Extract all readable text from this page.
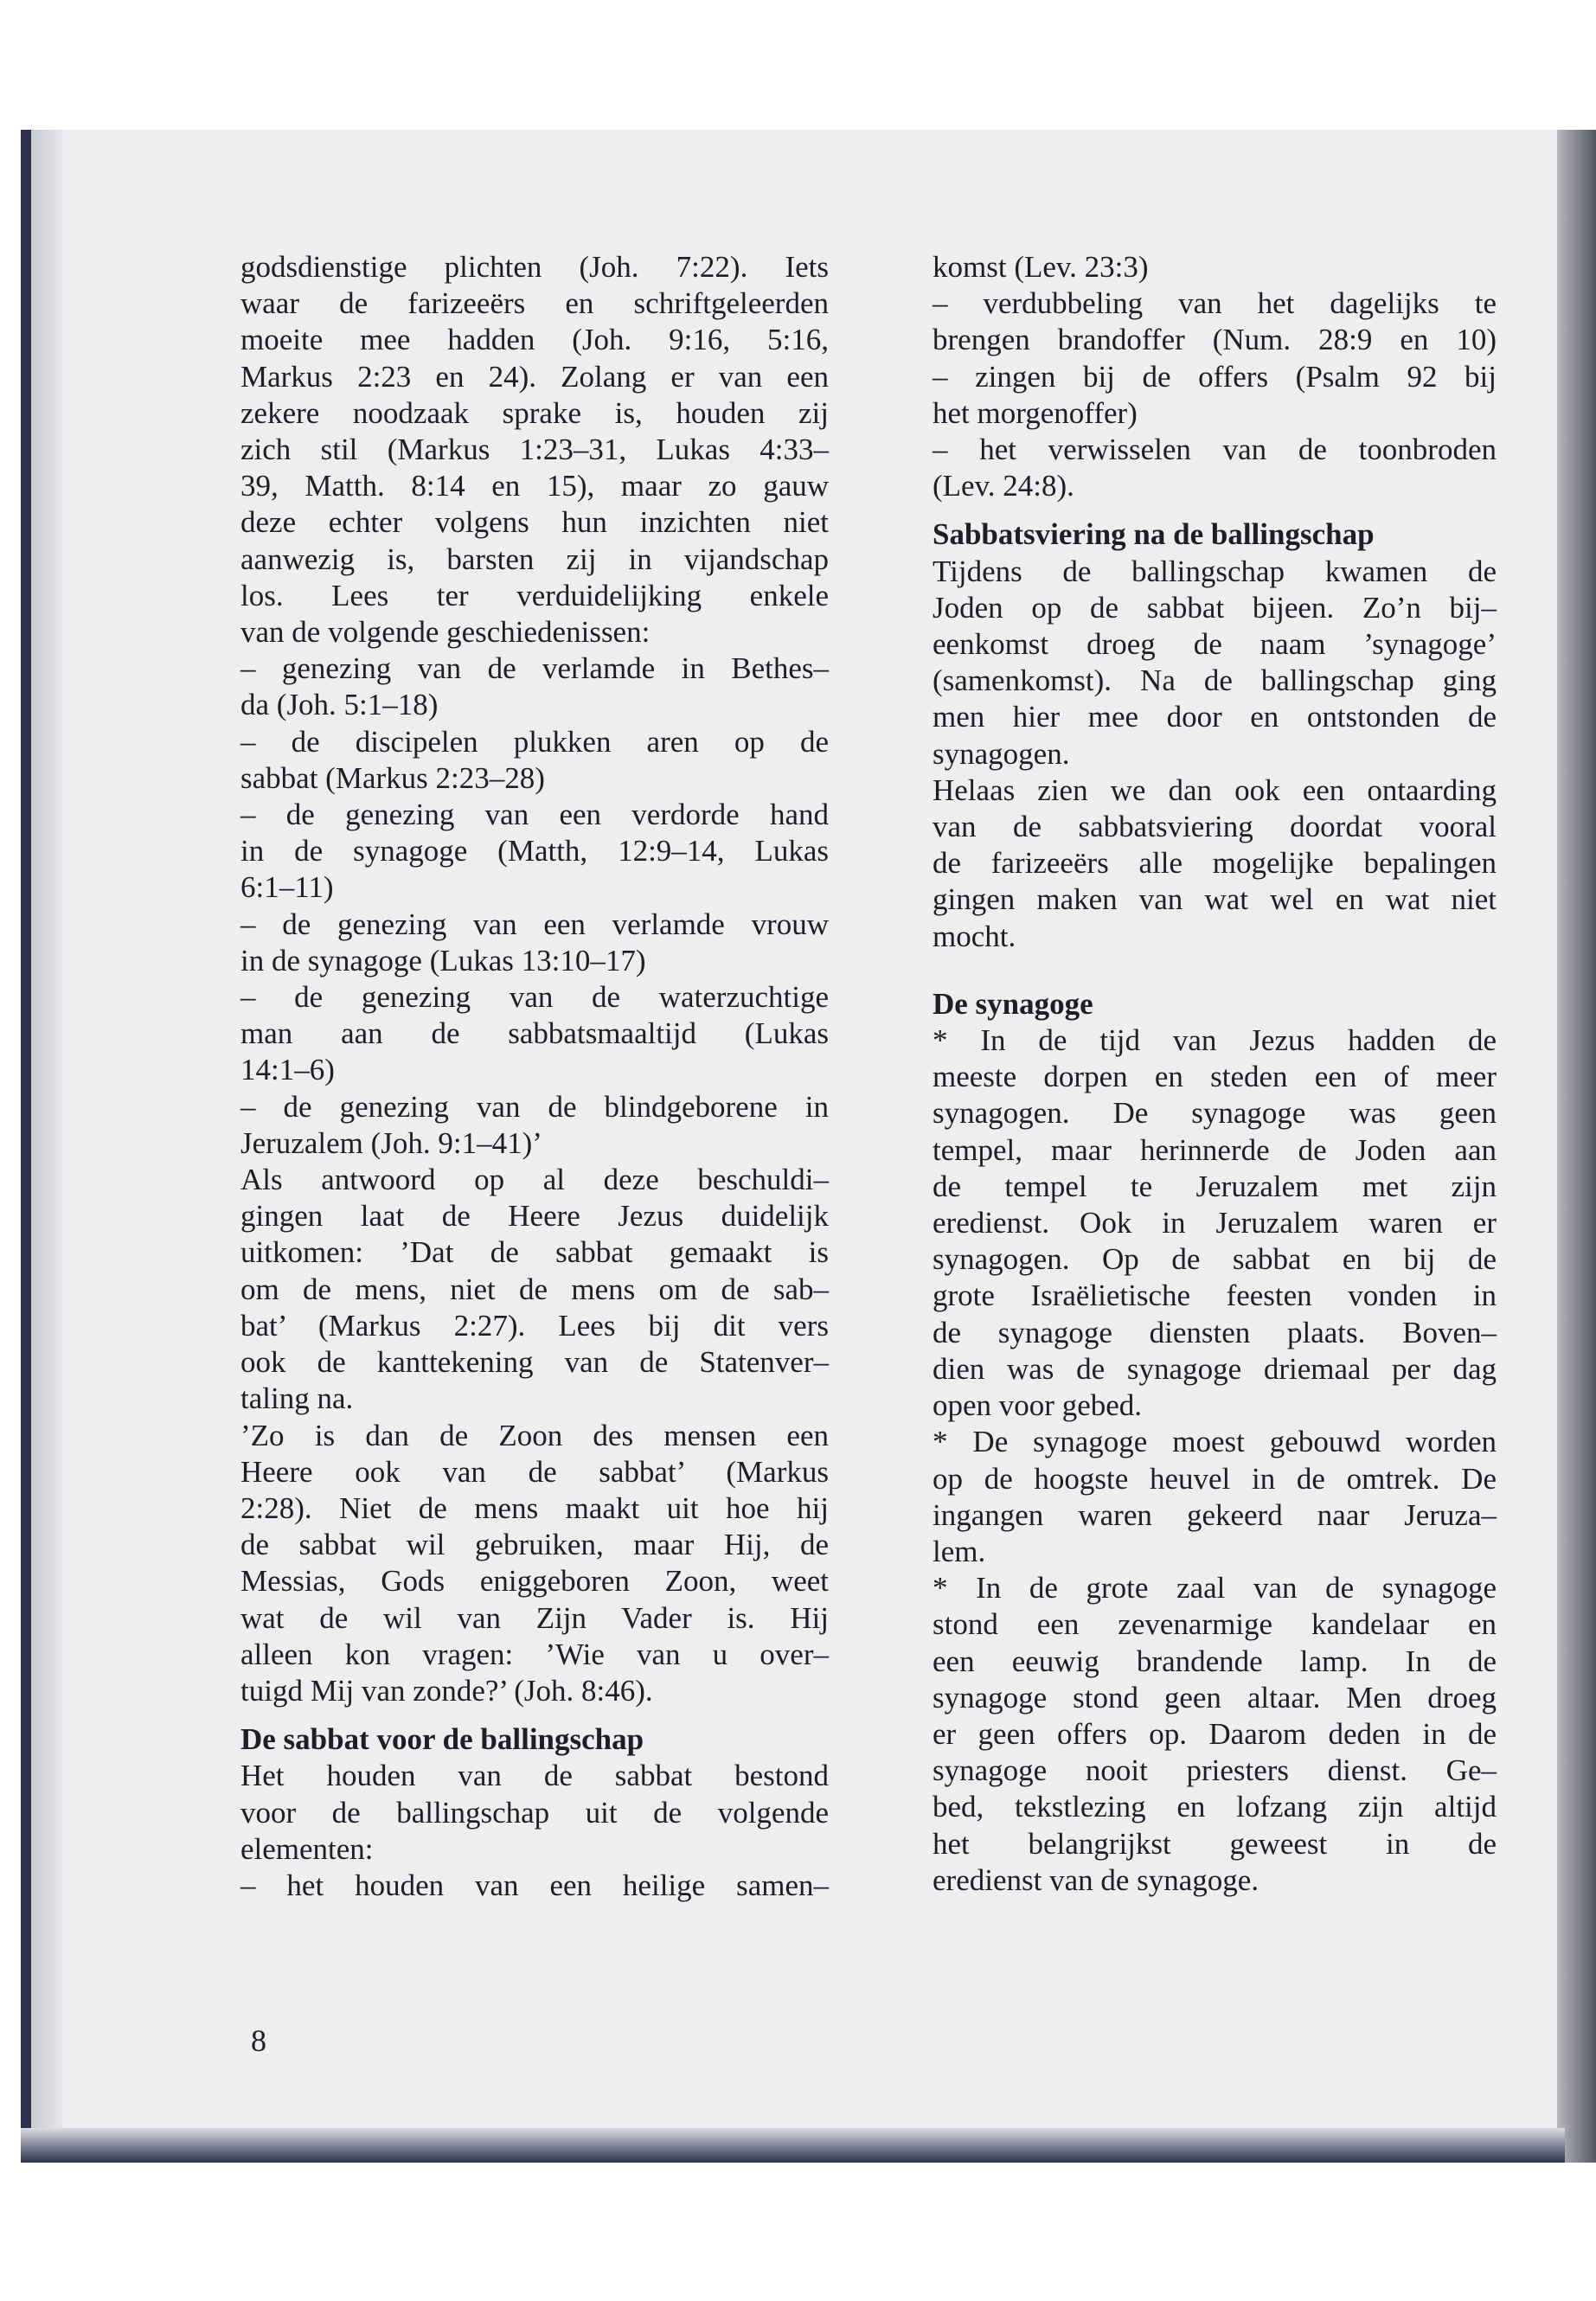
godsdienstige plichten (Joh. 7:22). Iets
waar de farizeeërs en schriftgeleerden
moeite mee hadden (Joh. 9:16, 5:16,
Markus 2:23 en 24). Zolang er van een
zekere noodzaak sprake is, houden zij
zich stil (Markus 1:23–31, Lukas 4:33–
39, Matth. 8:14 en 15), maar zo gauw
deze echter volgens hun inzichten niet
aanwezig is, barsten zij in vijandschap
los. Lees ter verduidelijking enkele
van de volgende geschiedenissen:
– genezing van de verlamde in Bethes–
da (Joh. 5:1–18)
– de discipelen plukken aren op de
sabbat (Markus 2:23–28)
– de genezing van een verdorde hand
in de synagoge (Matth, 12:9–14, Lukas
6:1–11)
– de genezing van een verlamde vrouw
in de synagoge (Lukas 13:10–17)
– de genezing van de waterzuchtige
man aan de sabbatsmaaltijd (Lukas
14:1–6)
– de genezing van de blindgeborene in
Jeruzalem (Joh. 9:1–41)’
Als antwoord op al deze beschuldi–
gingen laat de Heere Jezus duidelijk
uitkomen: ’Dat de sabbat gemaakt is
om de mens, niet de mens om de sab–
bat’ (Markus 2:27). Lees bij dit vers
ook de kanttekening van de Statenver–
taling na.
’Zo is dan de Zoon des mensen een
Heere ook van de sabbat’ (Markus
2:28). Niet de mens maakt uit hoe hij
de sabbat wil gebruiken, maar Hij, de
Messias, Gods eniggeboren Zoon, weet
wat de wil van Zijn Vader is. Hij
alleen kon vragen: ’Wie van u over–
tuigd Mij van zonde?’ (Joh. 8:46).
De sabbat voor de ballingschap
Het houden van de sabbat bestond
voor de ballingschap uit de volgende
elementen:
– het houden van een heilige samen–
komst (Lev. 23:3)
– verdubbeling van het dagelijks te
brengen brandoffer (Num. 28:9 en 10)
– zingen bij de offers (Psalm 92 bij
het morgenoffer)
– het verwisselen van de toonbroden
(Lev. 24:8).
Sabbatsviering na de ballingschap
Tijdens de ballingschap kwamen de
Joden op de sabbat bijeen. Zo’n bij–
eenkomst droeg de naam ’synagoge’
(samenkomst). Na de ballingschap ging
men hier mee door en ontstonden de
synagogen.
Helaas zien we dan ook een ontaarding
van de sabbatsviering doordat vooral
de farizeeërs alle mogelijke bepalingen
gingen maken van wat wel en wat niet
mocht.
De synagoge
* In de tijd van Jezus hadden de
meeste dorpen en steden een of meer
synagogen. De synagoge was geen
tempel, maar herinnerde de Joden aan
de tempel te Jeruzalem met zijn
eredienst. Ook in Jeruzalem waren er
synagogen. Op de sabbat en bij de
grote Israëlietische feesten vonden in
de synagoge diensten plaats. Boven–
dien was de synagoge driemaal per dag
open voor gebed.
* De synagoge moest gebouwd worden
op de hoogste heuvel in de omtrek. De
ingangen waren gekeerd naar Jeruza–
lem.
* In de grote zaal van de synagoge
stond een zevenarmige kandelaar en
een eeuwig brandende lamp. In de
synagoge stond geen altaar. Men droeg
er geen offers op. Daarom deden in de
synagoge nooit priesters dienst. Ge–
bed, tekstlezing en lofzang zijn altijd
het belangrijkst geweest in de
eredienst van de synagoge.
8
